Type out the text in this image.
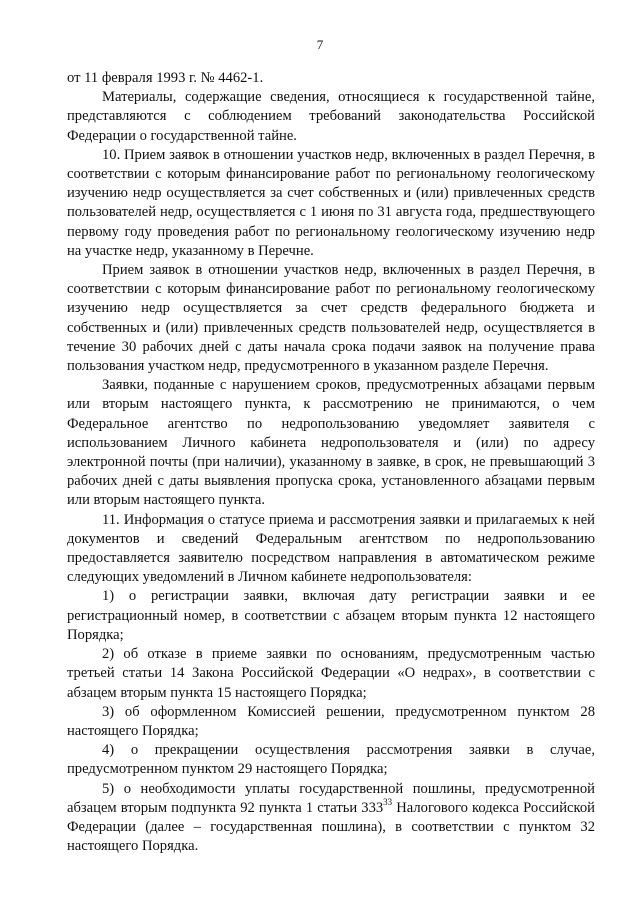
7

от 11 февраля 1993 г. № 4462-1.

Материалы, содержащие сведения, относящиеся к государственной тайне, представляются с соблюдением требований законодательства Российской Федерации о государственной тайне.

10. Прием заявок в отношении участков недр, включенных в раздел Перечня, в соответствии с которым финансирование работ по региональному геологическому изучению недр осуществляется за счет собственных и (или) привлеченных средств пользователей недр, осуществляется с 1 июня по 31 августа года, предшествующего первому году проведения работ по региональному геологическому изучению недр на участке недр, указанному в Перечне.

Прием заявок в отношении участков недр, включенных в раздел Перечня, в соответствии с которым финансирование работ по региональному геологическому изучению недр осуществляется за счет средств федерального бюджета и собственных и (или) привлеченных средств пользователей недр, осуществляется в течение 30 рабочих дней с даты начала срока подачи заявок на получение права пользования участком недр, предусмотренного в указанном разделе Перечня.

Заявки, поданные с нарушением сроков, предусмотренных абзацами первым или вторым настоящего пункта, к рассмотрению не принимаются, о чем Федеральное агентство по недропользованию уведомляет заявителя с использованием Личного кабинета недропользователя и (или) по адресу электронной почты (при наличии), указанному в заявке, в срок, не превышающий 3 рабочих дней с даты выявления пропуска срока, установленного абзацами первым или вторым настоящего пункта.

11. Информация о статусе приема и рассмотрения заявки и прилагаемых к ней документов и сведений Федеральным агентством по недропользованию предоставляется заявителю посредством направления в автоматическом режиме следующих уведомлений в Личном кабинете недропользователя:

1) о регистрации заявки, включая дату регистрации заявки и ее регистрационный номер, в соответствии с абзацем вторым пункта 12 настоящего Порядка;

2) об отказе в приеме заявки по основаниям, предусмотренным частью третьей статьи 14 Закона Российской Федерации «О недрах», в соответствии с абзацем вторым пункта 15 настоящего Порядка;

3) об оформленном Комиссией решении, предусмотренном пунктом 28 настоящего Порядка;

4) о прекращении осуществления рассмотрения заявки в случае, предусмотренном пунктом 29 настоящего Порядка;

5) о необходимости уплаты государственной пошлины, предусмотренной абзацем вторым подпункта 92 пункта 1 статьи $333^{33}$ Налогового кодекса Российской Федерации (далее – государственная пошлина), в соответствии с пунктом 32 настоящего Порядка.
